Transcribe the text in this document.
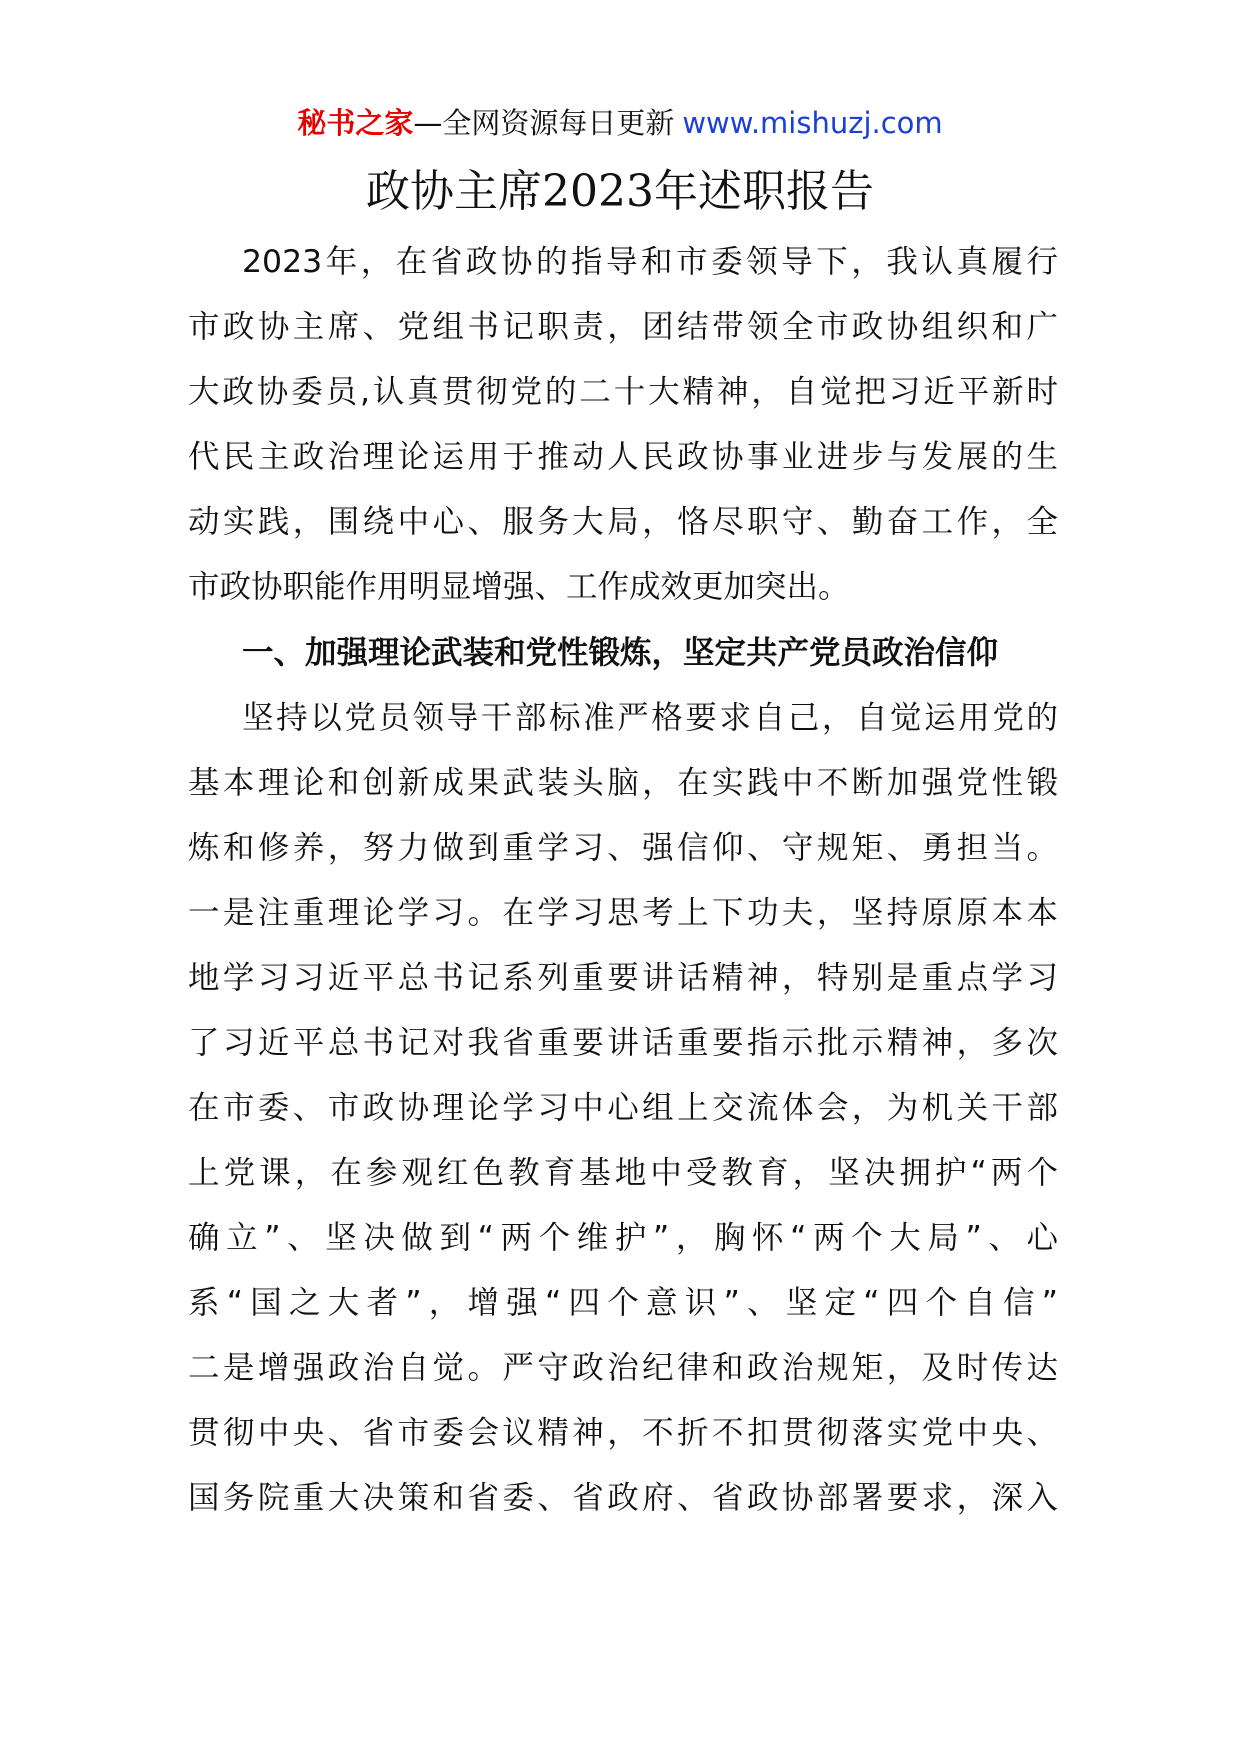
秘书之家—全网资源每日更新 www.mishuzj.com
政协主席2023年述职报告
2023年，在省政协的指导和市委领导下，我认真履行
市政协主席、党组书记职责，团结带领全市政协组织和广
大政协委员,认真贯彻党的二十大精神，自觉把习近平新时
代民主政治理论运用于推动人民政协事业进步与发展的生
动实践，围绕中心、服务大局，恪尽职守、勤奋工作，全
市政协职能作用明显增强、工作成效更加突出。
一、加强理论武装和党性锻炼，坚定共产党员政治信仰
坚持以党员领导干部标准严格要求自己，自觉运用党的
基本理论和创新成果武装头脑，在实践中不断加强党性锻
炼和修养，努力做到重学习、强信仰、守规矩、勇担当。
一是注重理论学习。在学习思考上下功夫，坚持原原本本
地学习习近平总书记系列重要讲话精神，特别是重点学习
了习近平总书记对我省重要讲话重要指示批示精神，多次
在市委、市政协理论学习中心组上交流体会，为机关干部
上党课，在参观红色教育基地中受教育，坚决拥护“两个
确立”、坚决做到“两个维护”，胸怀“两个大局”、心
系“国之大者”，增强“四个意识”、坚定“四个自信”
二是增强政治自觉。严守政治纪律和政治规矩，及时传达
贯彻中央、省市委会议精神，不折不扣贯彻落实党中央、
国务院重大决策和省委、省政府、省政协部署要求，深入
